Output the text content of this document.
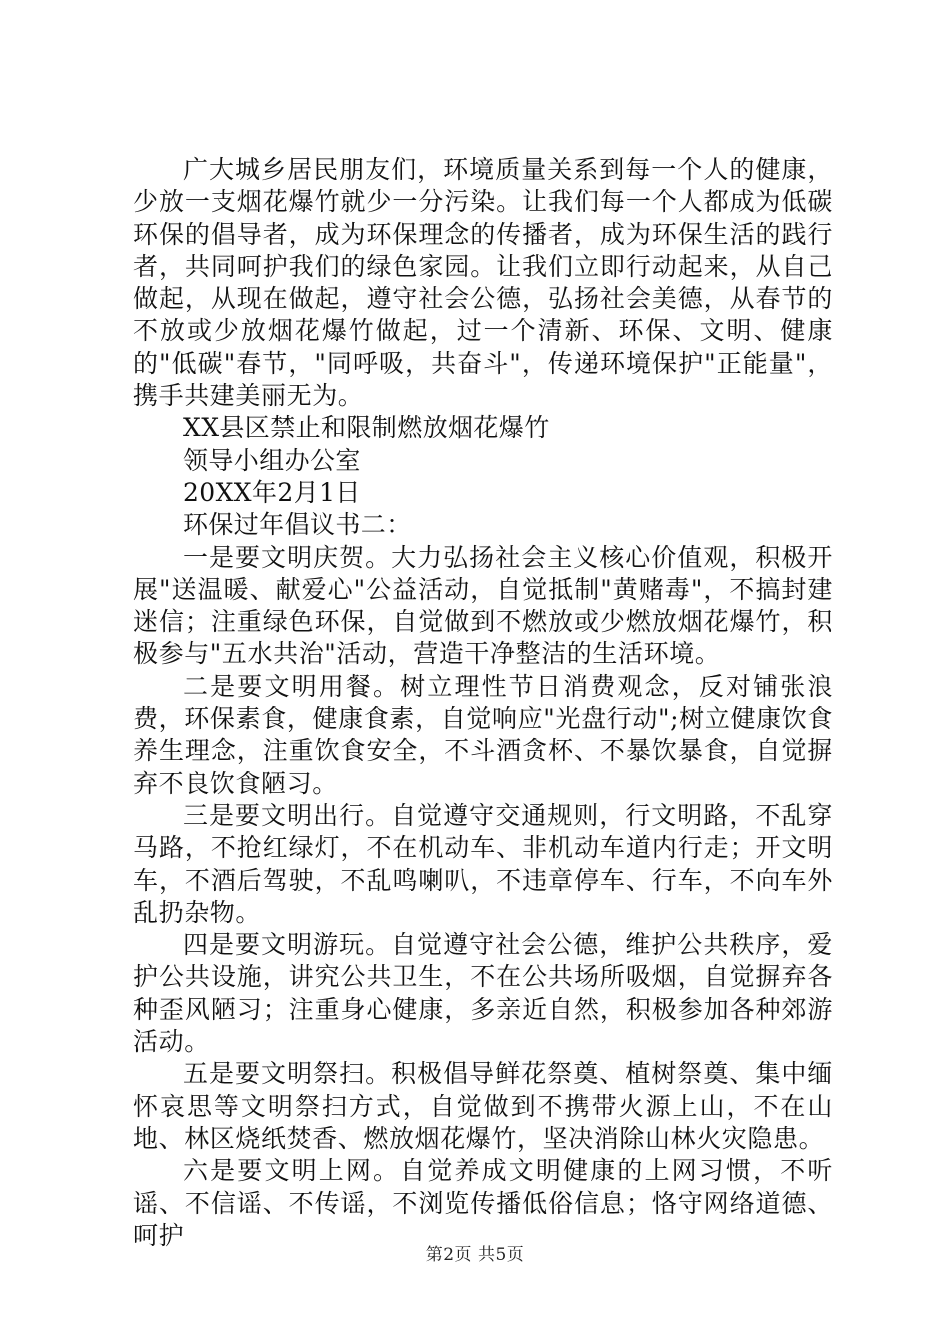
广大城乡居民朋友们，环境质量关系到每一个人的健康，少放一支烟花爆竹就少一分污染。让我们每一个人都成为低碳环保的倡导者，成为环保理念的传播者，成为环保生活的践行者，共同呵护我们的绿色家园。让我们立即行动起来，从自己做起，从现在做起，遵守社会公德，弘扬社会美德，从春节的不放或少放烟花爆竹做起，过一个清新、环保、文明、健康的"低碳"春节，"同呼吸，共奋斗"，传递环境保护"正能量"，携手共建美丽无为。

XX县区禁止和限制燃放烟花爆竹

领导小组办公室

20XX年2月1日

环保过年倡议书二：

一是要文明庆贺。大力弘扬社会主义核心价值观，积极开展"送温暖、献爱心"公益活动，自觉抵制"黄赌毒"，不搞封建迷信；注重绿色环保，自觉做到不燃放或少燃放烟花爆竹，积极参与"五水共治"活动，营造干净整洁的生活环境。

二是要文明用餐。树立理性节日消费观念，反对铺张浪费，环保素食，健康食素，自觉响应"光盘行动";树立健康饮食养生理念，注重饮食安全，不斗酒贪杯、不暴饮暴食，自觉摒弃不良饮食陋习。

三是要文明出行。自觉遵守交通规则，行文明路，不乱穿马路，不抢红绿灯，不在机动车、非机动车道内行走；开文明车，不酒后驾驶，不乱鸣喇叭，不违章停车、行车，不向车外乱扔杂物。

四是要文明游玩。自觉遵守社会公德，维护公共秩序，爱护公共设施，讲究公共卫生，不在公共场所吸烟，自觉摒弃各种歪风陋习；注重身心健康，多亲近自然，积极参加各种郊游活动。

五是要文明祭扫。积极倡导鲜花祭奠、植树祭奠、集中缅怀哀思等文明祭扫方式，自觉做到不携带火源上山，不在山地、林区烧纸焚香、燃放烟花爆竹，坚决消除山林火灾隐患。

六是要文明上网。自觉养成文明健康的上网习惯，不听谣、不信谣、不传谣，不浏览传播低俗信息；恪守网络道德、呵护

第2页 共5页
